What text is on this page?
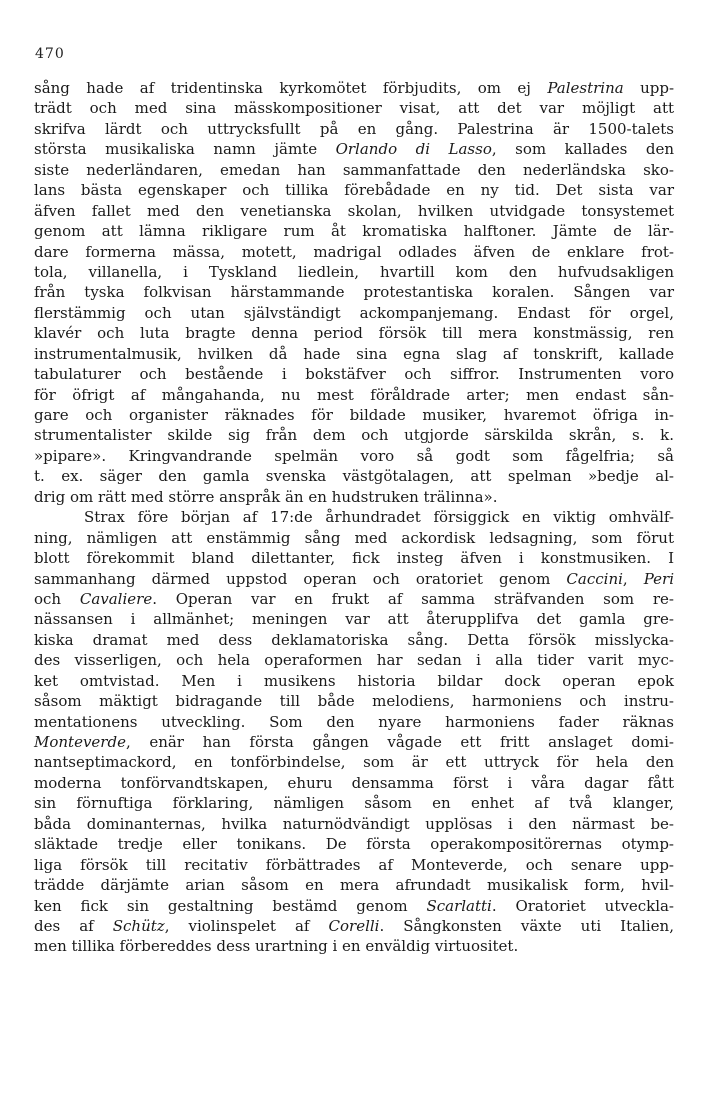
470
sång hade af tridentinska kyrkomötet förbjudits, om ej Palestrina upp-
trädt och med sina mässkompositioner visat, att det var möjligt att
skrifva lärdt och uttrycksfullt på en gång. Palestrina är 1500-talets
största musikaliska namn jämte Orlando di Lasso, som kallades den
siste nederländaren, emedan han sammanfattade den nederländska sko-
lans bästa egenskaper och tillika förebådade en ny tid. Det sista var
äfven fallet med den venetianska skolan, hvilken utvidgade tonsystemet
genom att lämna rikligare rum åt kromatiska halftoner. Jämte de lär-
dare formerna mässa, motett, madrigal odlades äfven de enklare frot-
tola, villanella, i Tyskland liedlein, hvartill kom den hufvudsakligen
från tyska folkvisan härstammande protestantiska koralen. Sången var
flerstämmig och utan självständigt ackompanjemang. Endast för orgel,
klavér och luta bragte denna period försök till mera konstmässig, ren
instrumentalmusik, hvilken då hade sina egna slag af tonskrift, kallade
tabulaturer och bestående i bokstäfver och siffror. Instrumenten voro
för öfrigt af mångahanda, nu mest föråldrade arter; men endast sån-
gare och organister räknades för bildade musiker, hvaremot öfriga in-
strumentalister skilde sig från dem och utgjorde särskilda skrån, s. k.
»pipare». Kringvandrande spelmän voro så godt som fågelfria; så
t. ex. säger den gamla svenska västgötalagen, att spelman »bedje al-
drig om rätt med större anspråk än en hudstruken trälinna».
Strax före början af 17:de århundradet försiggick en viktig omhvälf-
ning, nämligen att enstämmig sång med ackordisk ledsagning, som förut
blott förekommit bland dilettanter, fick insteg äfven i konstmusiken. I
sammanhang därmed uppstod operan och oratoriet genom Caccini, Peri
och Cavaliere. Operan var en frukt af samma sträfvanden som re-
nässansen i allmänhet; meningen var att återupplifva det gamla gre-
kiska dramat med dess deklamatoriska sång. Detta försök misslycka-
des visserligen, och hela operaformen har sedan i alla tider varit myc-
ket omtvistad. Men i musikens historia bildar dock operan epok
såsom mäktigt bidragande till både melodiens, harmoniens och instru-
mentationens utveckling. Som den nyare harmoniens fader räknas
Monteverde, enär han första gången vågade ett fritt anslaget domi-
nantseptimackord, en tonförbindelse, som är ett uttryck för hela den
moderna tonförvandtskapen, ehuru densamma först i våra dagar fått
sin förnuftiga förklaring, nämligen såsom en enhet af två klanger,
båda dominanternas, hvilka naturnödvändigt upplösas i den närmast be-
släktade tredje eller tonikans. De första operakompositörernas otymp-
liga försök till recitativ förbättrades af Monteverde, och senare upp-
trädde därjämte arian såsom en mera afrundadt musikalisk form, hvil-
ken fick sin gestaltning bestämd genom Scarlatti. Oratoriet utveckla-
des af Schütz, violinspelet af Corelli. Sångkonsten växte uti Italien,
men tillika förbereddes dess urartning i en enväldig virtuositet.
